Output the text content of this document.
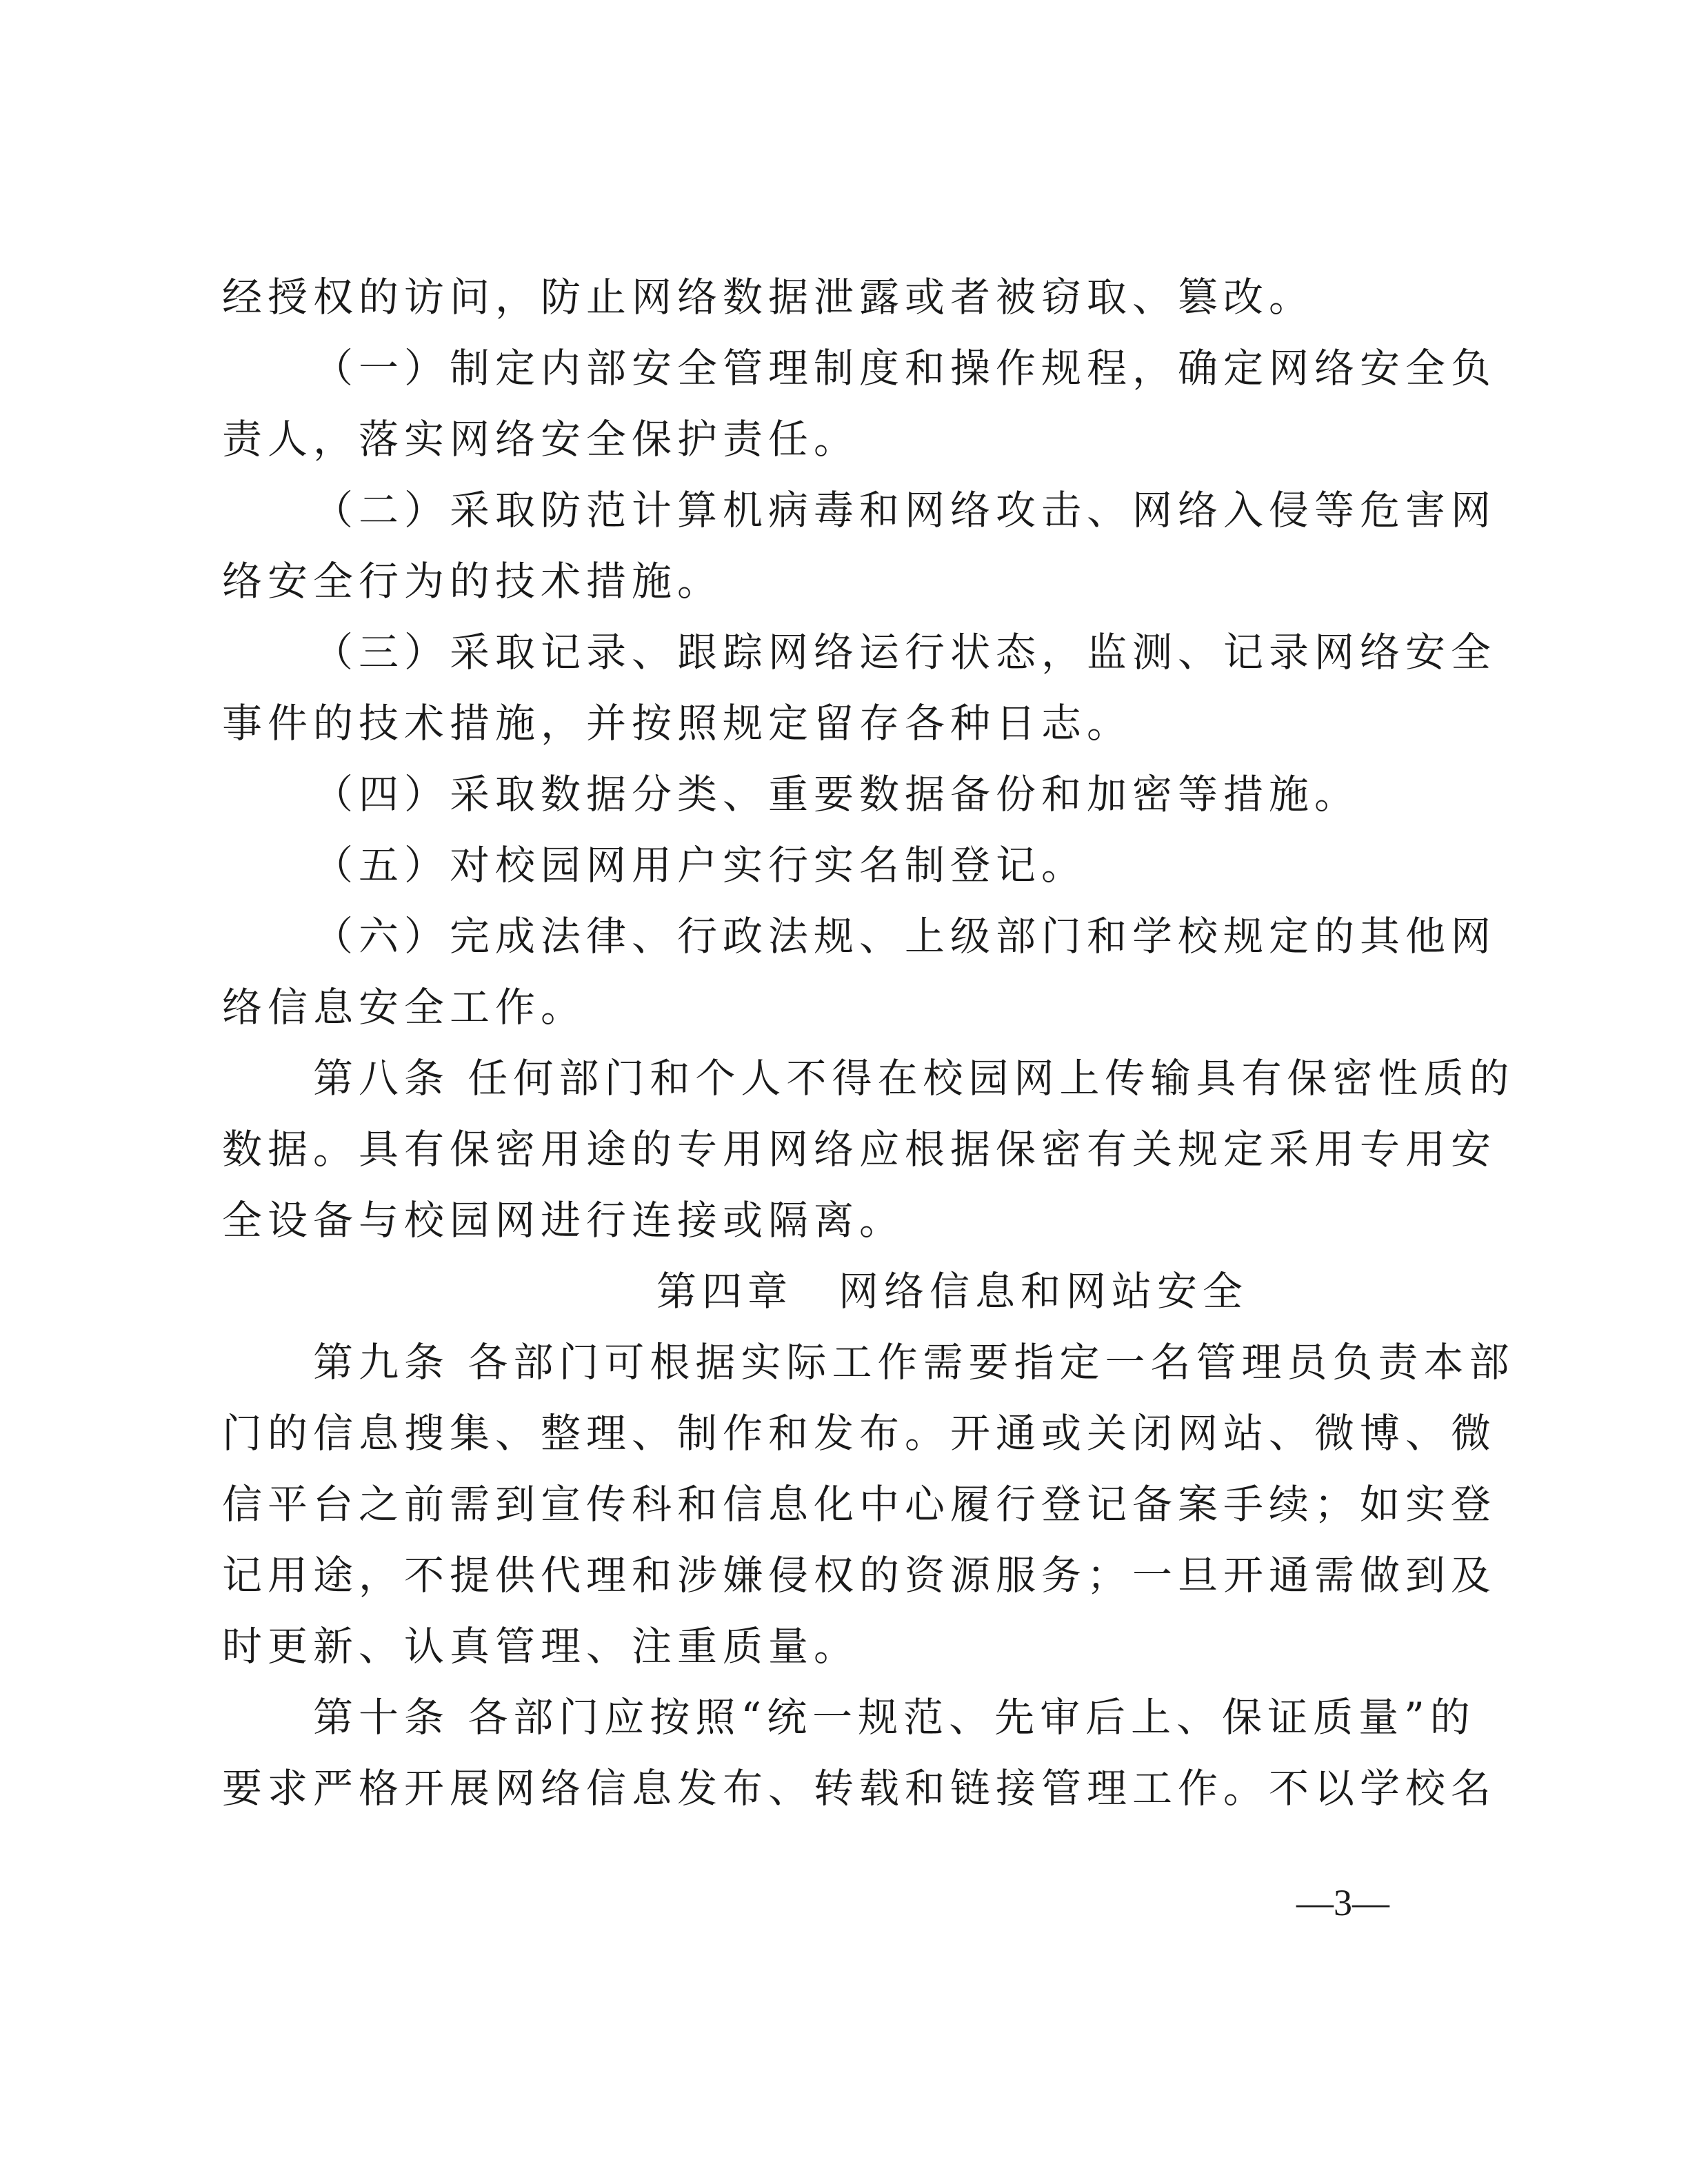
经授权的访问，防止网络数据泄露或者被窃取、篡改。
（一）制定内部安全管理制度和操作规程，确定网络安全负
责人，落实网络安全保护责任。
（二）采取防范计算机病毒和网络攻击、网络入侵等危害网
络安全行为的技术措施。
（三）采取记录、跟踪网络运行状态，监测、记录网络安全
事件的技术措施，并按照规定留存各种日志。
（四）采取数据分类、重要数据备份和加密等措施。
（五）对校园网用户实行实名制登记。
（六）完成法律、行政法规、上级部门和学校规定的其他网
络信息安全工作。
第八条 任何部门和个人不得在校园网上传输具有保密性质的
数据。具有保密用途的专用网络应根据保密有关规定采用专用安
全设备与校园网进行连接或隔离。
第四章　网络信息和网站安全
第九条 各部门可根据实际工作需要指定一名管理员负责本部
门的信息搜集、整理、制作和发布。开通或关闭网站、微博、微
信平台之前需到宣传科和信息化中心履行登记备案手续；如实登
记用途，不提供代理和涉嫌侵权的资源服务；一旦开通需做到及
时更新、认真管理、注重质量。
第十条 各部门应按照“统一规范、先审后上、保证质量”的
要求严格开展网络信息发布、转载和链接管理工作。不以学校名
—3—
